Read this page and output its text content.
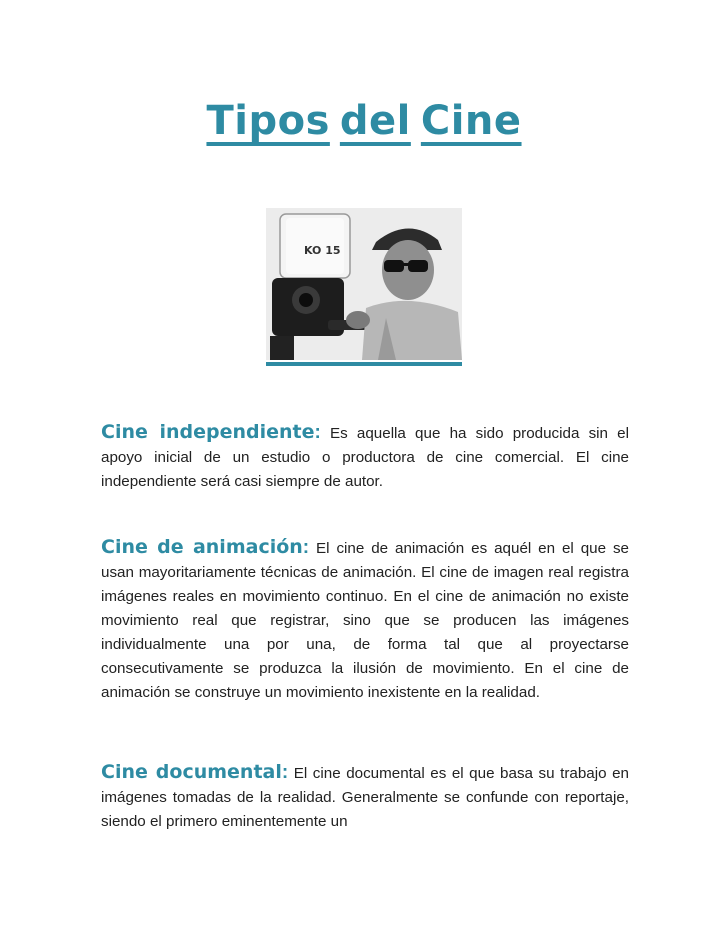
Tipos del Cine
KO 15
Cine independiente: Es aquella que ha sido producida sin el apoyo inicial de un estudio o productora de cine comercial. El cine independiente será casi siempre de autor.
Cine de animación: El cine de animación es aquél en el que se usan mayoritariamente técnicas de animación. El cine de imagen real registra imágenes reales en movimiento continuo. En el cine de animación no existe movimiento real que registrar, sino que se producen las imágenes individualmente una por una, de forma tal que al proyectarse consecutivamente se produzca la ilusión de movimiento. En el cine de animación se construye un movimiento inexistente en la realidad.
Cine documental: El cine documental es el que basa su trabajo en imágenes tomadas de la realidad. Generalmente se confunde con reportaje, siendo el primero eminentemente un
